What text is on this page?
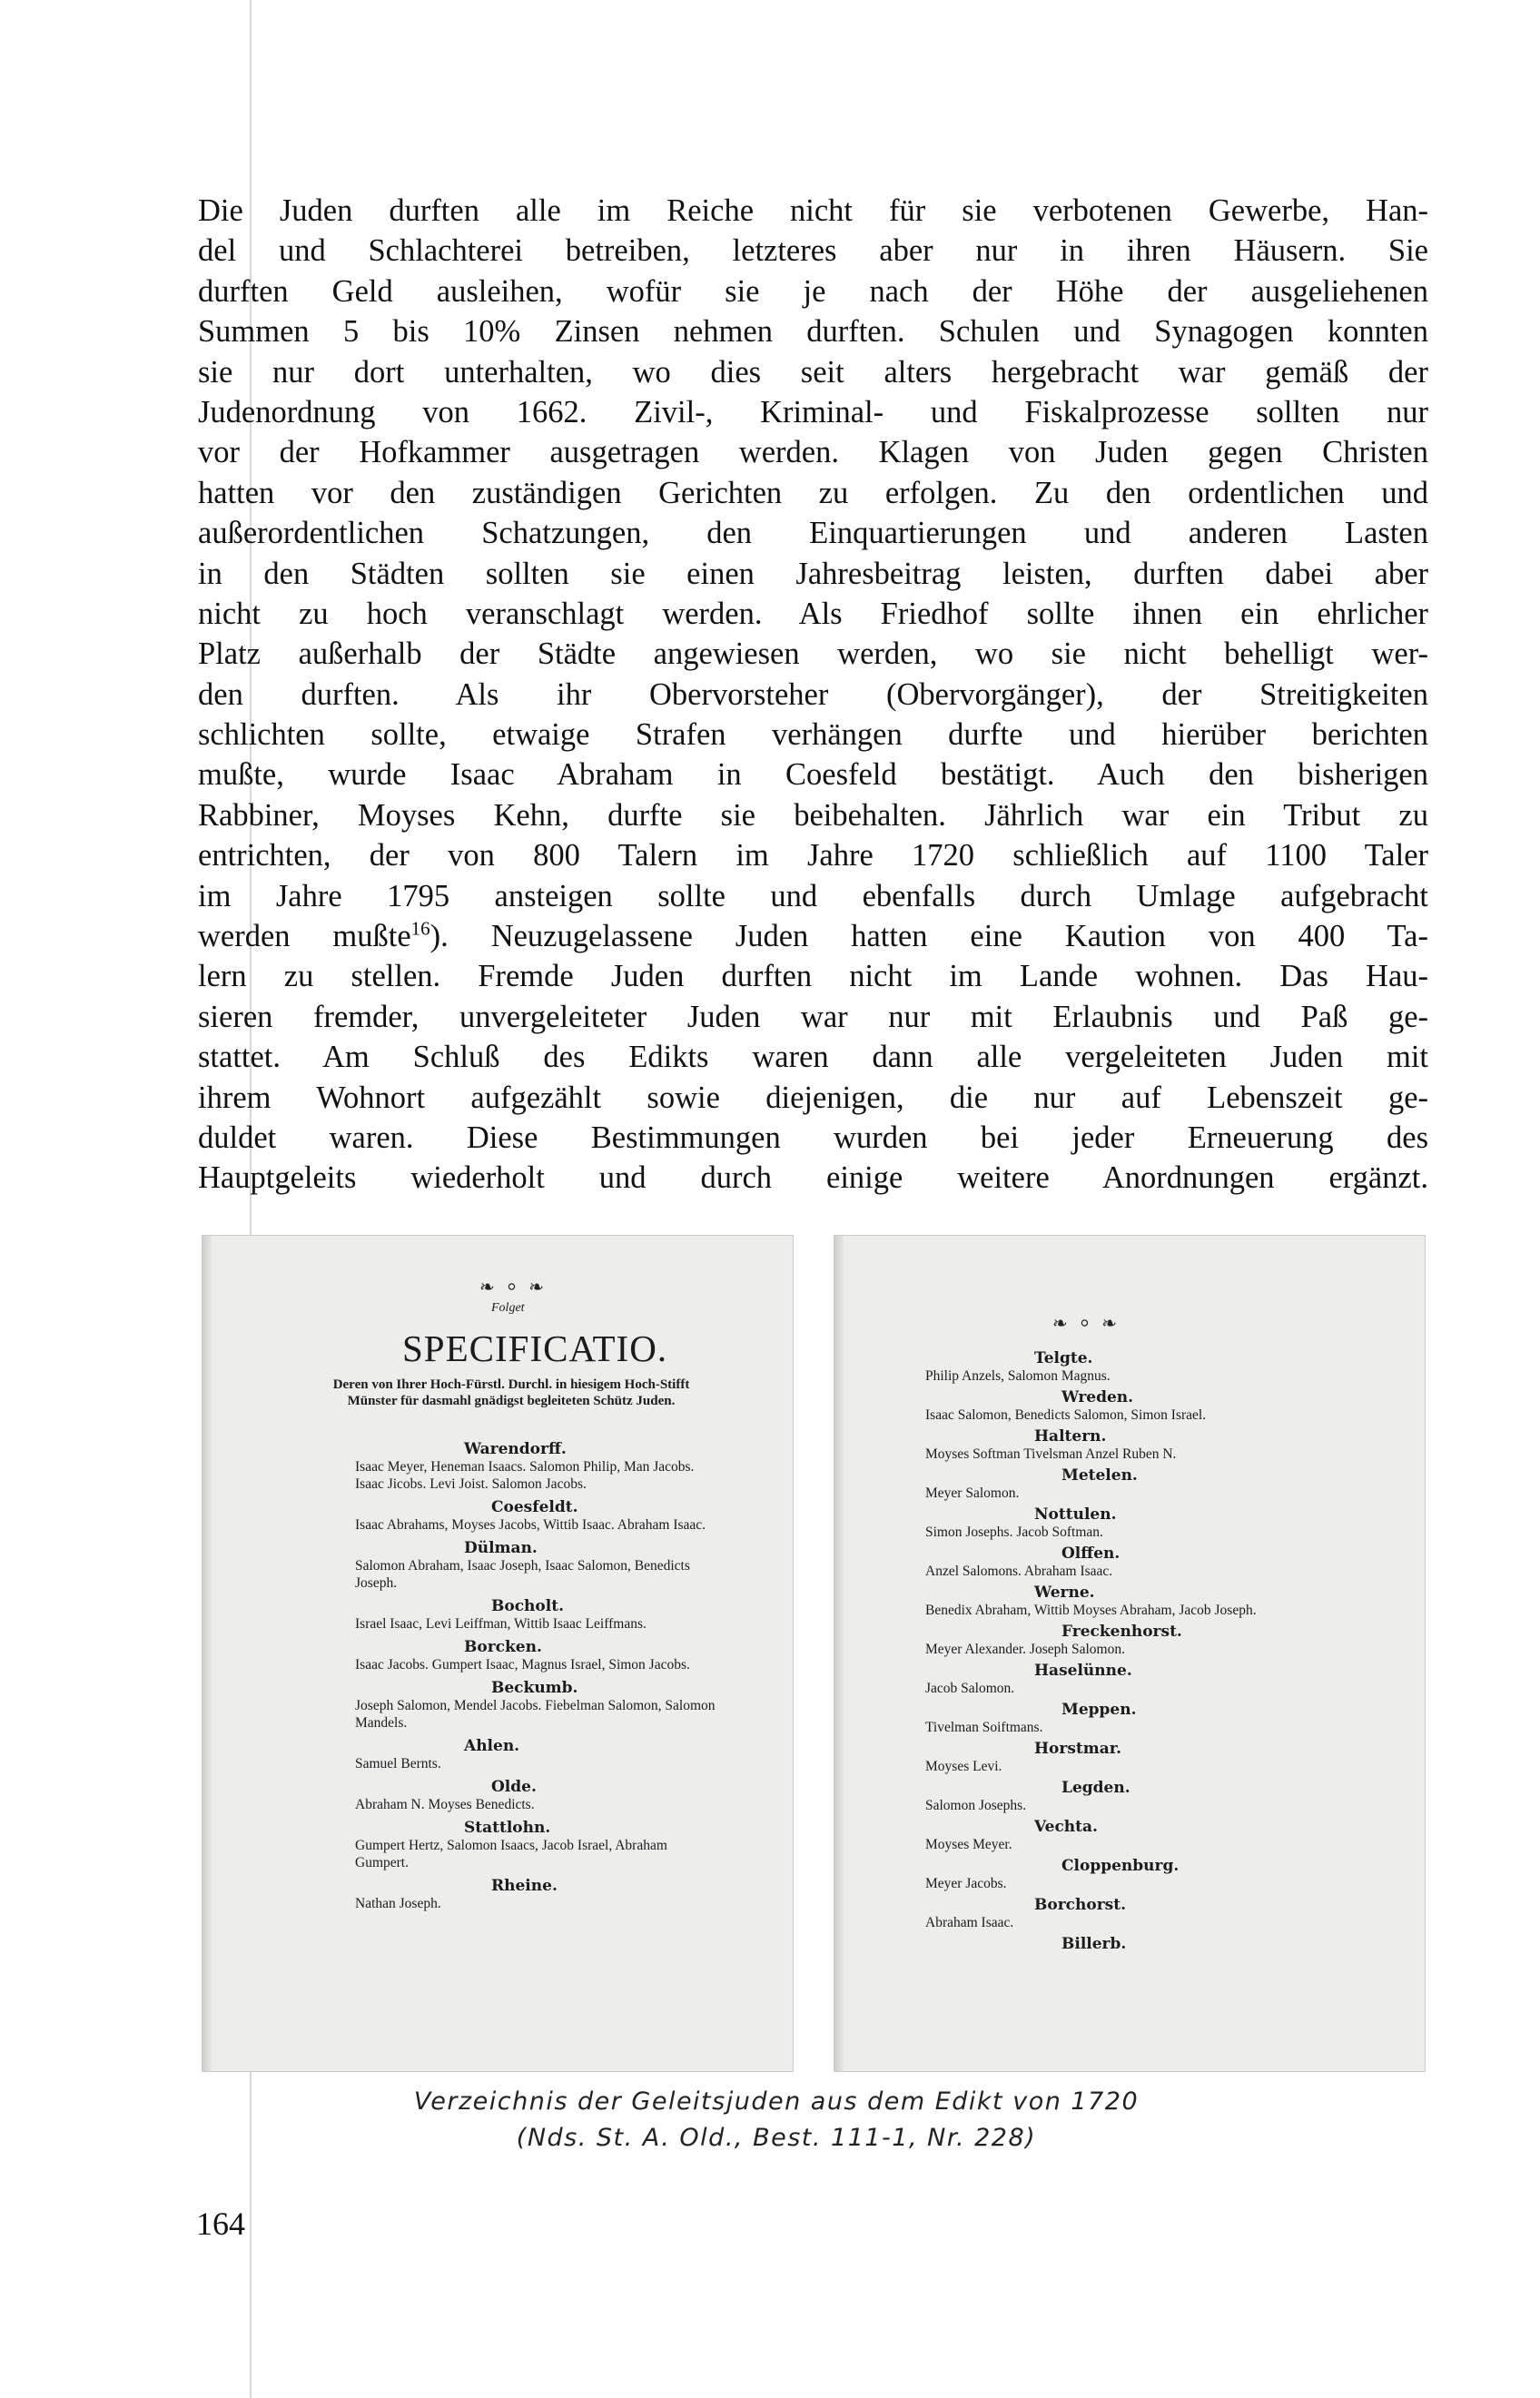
Die Juden durften alle im Reiche nicht für sie verbotenen Gewerbe, Han-
del und Schlachterei betreiben, letzteres aber nur in ihren Häusern. Sie
durften Geld ausleihen, wofür sie je nach der Höhe der ausgeliehenen
Summen 5 bis 10% Zinsen nehmen durften. Schulen und Synagogen konnten
sie nur dort unterhalten, wo dies seit alters hergebracht war gemäß der
Judenordnung von 1662. Zivil-, Kriminal- und Fiskalprozesse sollten nur
vor der Hofkammer ausgetragen werden. Klagen von Juden gegen Christen
hatten vor den zuständigen Gerichten zu erfolgen. Zu den ordentlichen und
außerordentlichen Schatzungen, den Einquartierungen und anderen Lasten
in den Städten sollten sie einen Jahresbeitrag leisten, durften dabei aber
nicht zu hoch veranschlagt werden. Als Friedhof sollte ihnen ein ehrlicher
Platz außerhalb der Städte angewiesen werden, wo sie nicht behelligt wer-
den durften. Als ihr Obervorsteher (Obervorgänger), der Streitigkeiten
schlichten sollte, etwaige Strafen verhängen durfte und hierüber berichten
mußte, wurde Isaac Abraham in Coesfeld bestätigt. Auch den bisherigen
Rabbiner, Moyses Kehn, durfte sie beibehalten. Jährlich war ein Tribut zu
entrichten, der von 800 Talern im Jahre 1720 schließlich auf 1100 Taler
im Jahre 1795 ansteigen sollte und ebenfalls durch Umlage aufgebracht
werden mußte$^{16}$). Neuzugelassene Juden hatten eine Kaution von 400 Ta-
lern zu stellen. Fremde Juden durften nicht im Lande wohnen. Das Hau-
sieren fremder, unvergeleiteter Juden war nur mit Erlaubnis und Paß ge-
stattet. Am Schluß des Edikts waren dann alle vergeleiteten Juden mit
ihrem Wohnort aufgezählt sowie diejenigen, die nur auf Lebenszeit ge-
duldet waren. Diese Bestimmungen wurden bei jeder Erneuerung des
Hauptgeleits wiederholt und durch einige weitere Anordnungen ergänzt.
❧ ⸰ ❧
Folget
SPECIFICATIO.
Deren von Ihrer Hoch-Fürstl. Durchl. in hiesigem Hoch-Stifft Münster für dasmahl gnädigst begleiteten Schütz Juden.
Warendorff.
Isaac Meyer, Heneman Isaacs. Salomon Philip, Man Jacobs. Isaac Jicobs. Levi Joist. Salomon Jacobs.
Coesfeldt.
Isaac Abrahams, Moyses Jacobs, Wittib Isaac. Abraham Isaac.
Dülman.
Salomon Abraham, Isaac Joseph, Isaac Salomon, Benedicts Joseph.
Bocholt.
Israel Isaac, Levi Leiffman, Wittib Isaac Leiffmans.
Borcken.
Isaac Jacobs. Gumpert Isaac, Magnus Israel, Simon Jacobs.
Beckumb.
Joseph Salomon, Mendel Jacobs. Fiebelman Salomon, Salomon Mandels.
Ahlen.
Samuel Bernts.
Olde.
Abraham N. Moyses Benedicts.
Stattlohn.
Gumpert Hertz, Salomon Isaacs, Jacob Israel, Abraham Gumpert.
Rheine.
Nathan Joseph.
❧ ⸰ ❧
Telgte.
Philip Anzels, Salomon Magnus.
Wreden.
Isaac Salomon, Benedicts Salomon, Simon Israel.
Haltern.
Moyses Softman Tivelsman Anzel Ruben N.
Metelen.
Meyer Salomon.
Nottulen.
Simon Josephs. Jacob Softman.
Olffen.
Anzel Salomons. Abraham Isaac.
Werne.
Benedix Abraham, Wittib Moyses Abraham, Jacob Joseph.
Freckenhorst.
Meyer Alexander. Joseph Salomon.
Haselünne.
Jacob Salomon.
Meppen.
Tivelman Soiftmans.
Horstmar.
Moyses Levi.
Legden.
Salomon Josephs.
Vechta.
Moyses Meyer.
Cloppenburg.
Meyer Jacobs.
Borchorst.
Abraham Isaac.
Billerb.
Verzeichnis der Geleitsjuden aus dem Edikt von 1720
(Nds. St. A. Old., Best. 111-1, Nr. 228)
164
